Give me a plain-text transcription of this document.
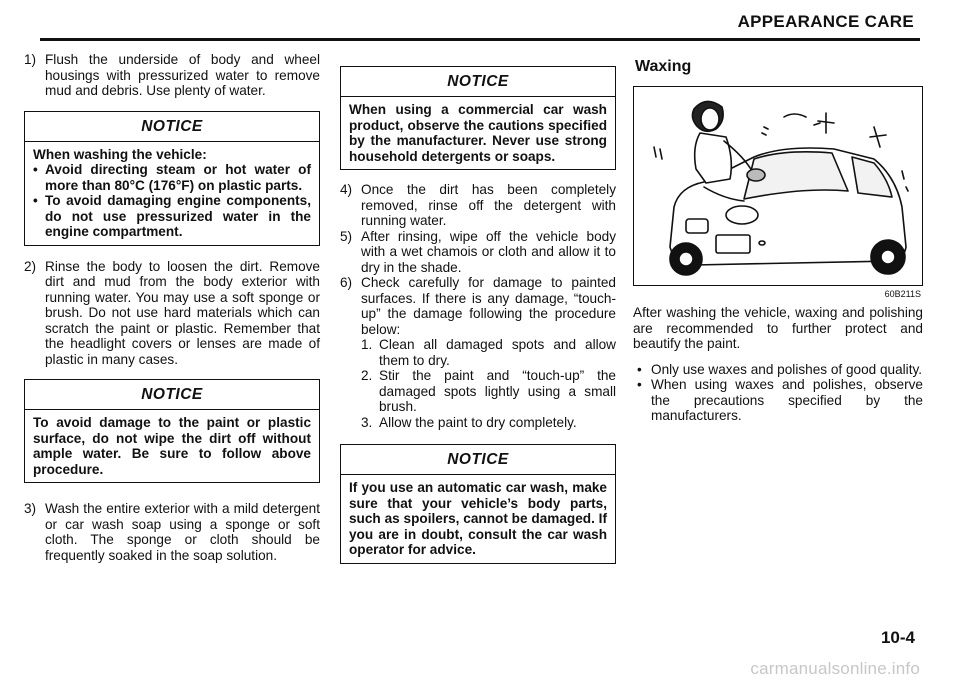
APPEARANCE CARE
1) Flush the underside of body and wheel housings with pressurized water to remove mud and debris. Use plenty of water.
NOTICE
When washing the vehicle:
• Avoid directing steam or hot water of more than 80°C (176°F) on plastic parts.
• To avoid damaging engine components, do not use pressurized water in the engine compartment.
2) Rinse the body to loosen the dirt. Remove dirt and mud from the body exterior with running water. You may use a soft sponge or brush. Do not use hard materials which can scratch the paint or plastic. Remember that the headlight covers or lenses are made of plastic in many cases.
NOTICE
To avoid damage to the paint or plastic surface, do not wipe the dirt off without ample water. Be sure to follow above procedure.
3) Wash the entire exterior with a mild detergent or car wash soap using a sponge or soft cloth. The sponge or cloth should be frequently soaked in the soap solution.
NOTICE
When using a commercial car wash product, observe the cautions specified by the manufacturer. Never use strong household detergents or soaps.
4) Once the dirt has been completely removed, rinse off the detergent with running water.
5) After rinsing, wipe off the vehicle body with a wet chamois or cloth and allow it to dry in the shade.
6) Check carefully for damage to painted surfaces. If there is any damage, “touch-up” the damage following the procedure below:
1. Clean all damaged spots and allow them to dry.
2. Stir the paint and “touch-up” the damaged spots lightly using a small brush.
3. Allow the paint to dry completely.
NOTICE
If you use an automatic car wash, make sure that your vehicle’s body parts, such as spoilers, cannot be damaged. If you are in doubt, consult the car wash operator for advice.
Waxing
60B211S
After washing the vehicle, waxing and polishing are recommended to further protect and beautify the paint.
• Only use waxes and polishes of good quality.
• When using waxes and polishes, observe the precautions specified by the manufacturers.
10-4
carmanualsonline.info
